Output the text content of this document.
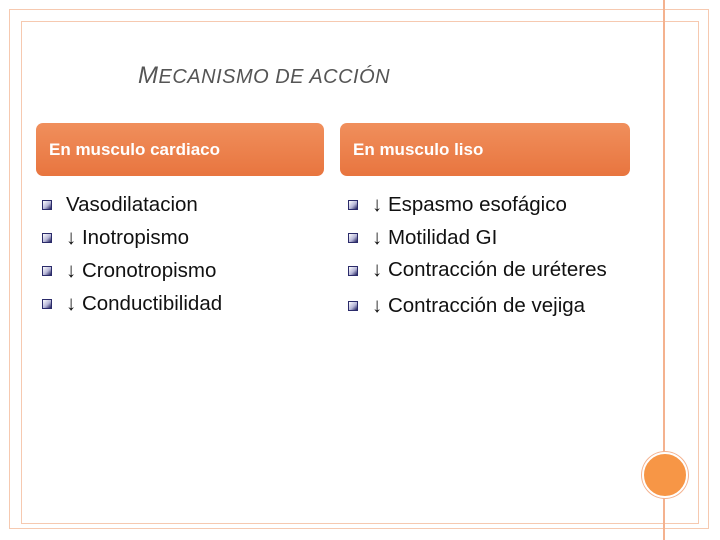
MECANISMO DE ACCIÓN
En musculo cardiaco	En musculo liso
Vasodilatacion
↓ Inotropismo
↓ Cronotropismo
↓ Conductibilidad
↓ Espasmo esofágico
↓ Motilidad GI
↓ Contracción de uréteres
↓ Contracción de vejiga
